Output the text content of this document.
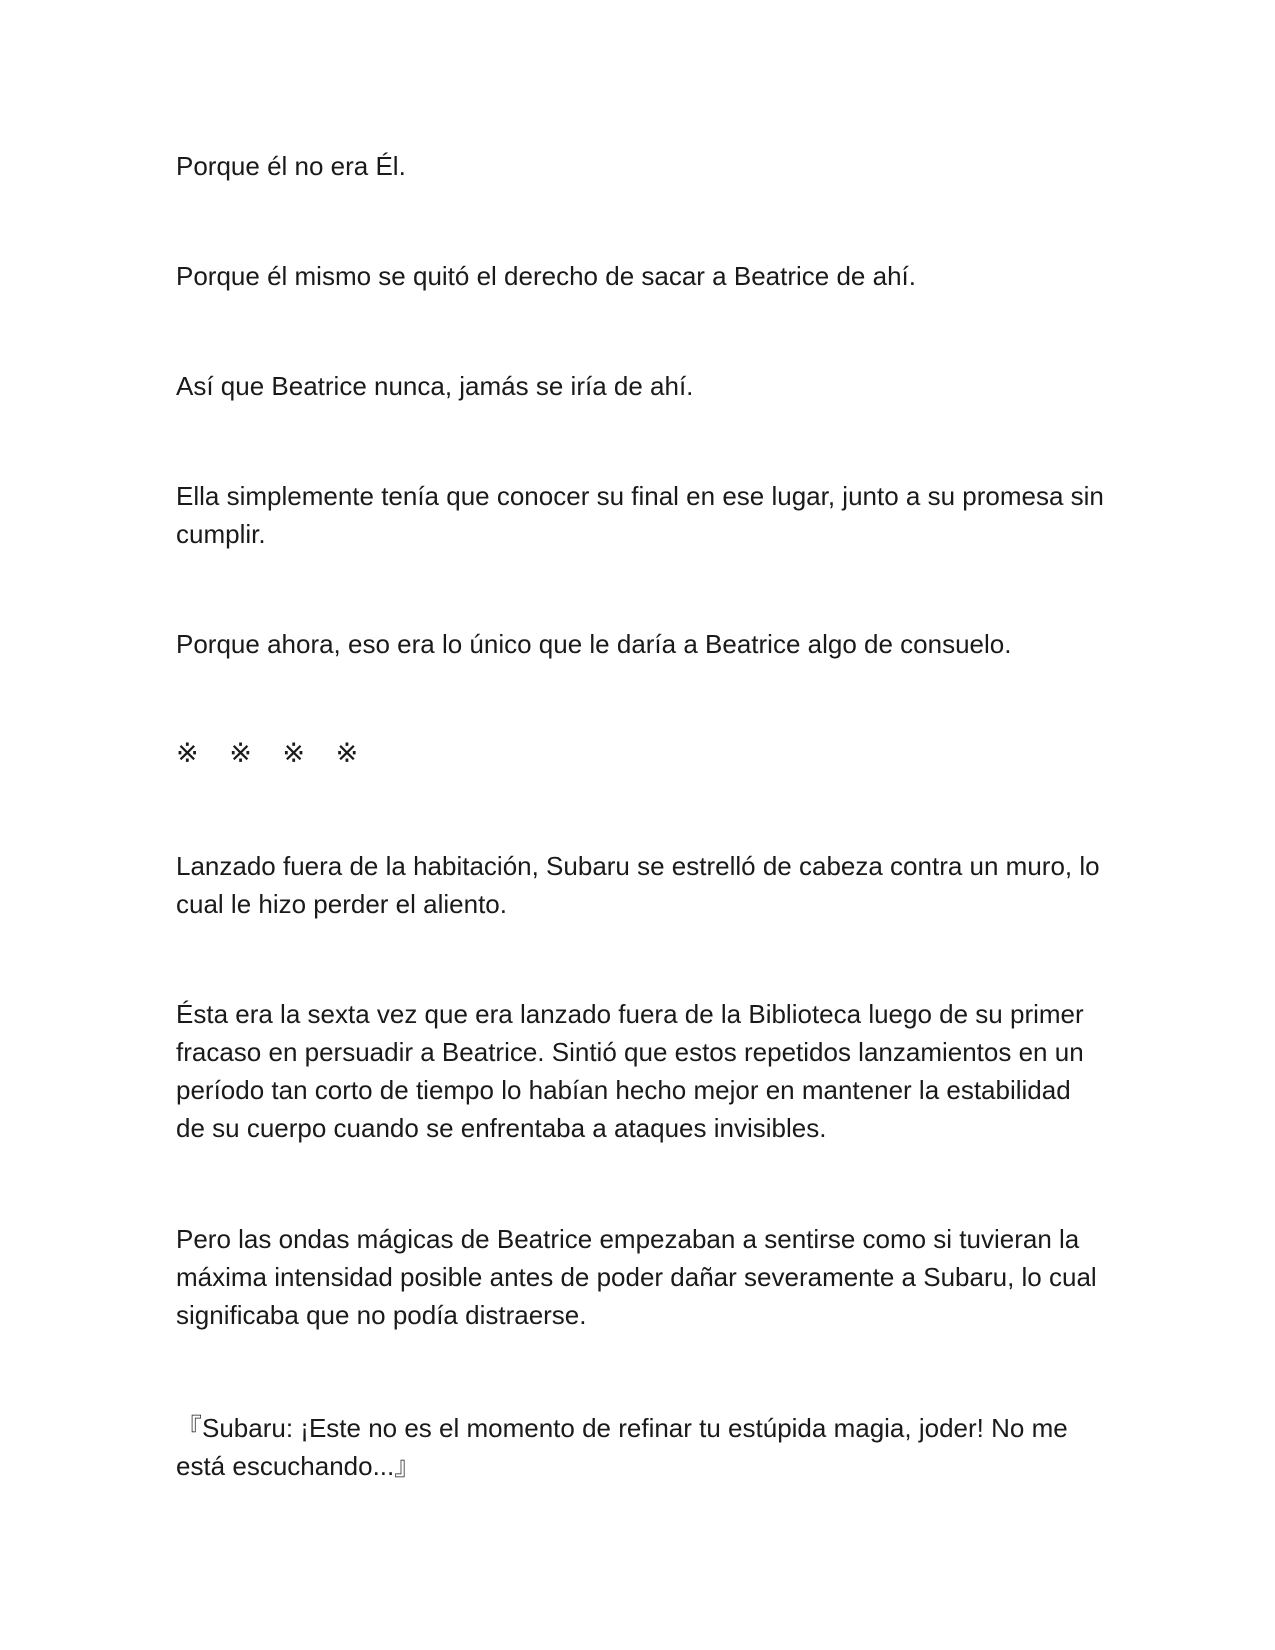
Porque él no era Él.

Porque él mismo se quitó el derecho de sacar a Beatrice de ahí.

Así que Beatrice nunca, jamás se iría de ahí.

Ella simplemente tenía que conocer su final en ese lugar, junto a su promesa sin cumplir.

Porque ahora, eso era lo único que le daría a Beatrice algo de consuelo.

※ ※ ※ ※

Lanzado fuera de la habitación, Subaru se estrelló de cabeza contra un muro, lo cual le hizo perder el aliento.

Ésta era la sexta vez que era lanzado fuera de la Biblioteca luego de su primer fracaso en persuadir a Beatrice. Sintió que estos repetidos lanzamientos en un período tan corto de tiempo lo habían hecho mejor en mantener la estabilidad de su cuerpo cuando se enfrentaba a ataques invisibles.

Pero las ondas mágicas de Beatrice empezaban a sentirse como si tuvieran la máxima intensidad posible antes de poder dañar severamente a Subaru, lo cual significaba que no podía distraerse.

『Subaru: ¡Este no es el momento de refinar tu estúpida magia, joder! No me está escuchando...』
